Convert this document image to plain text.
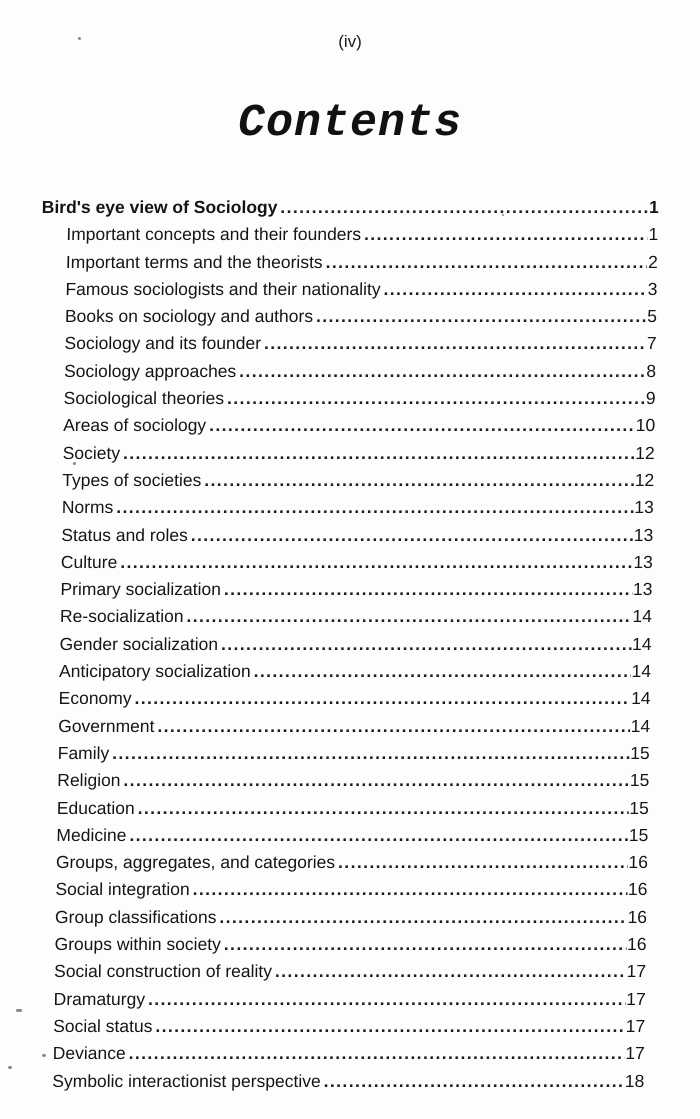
(iv)
Contents
Bird's eye view of Sociology .....	1
Important concepts and their founders .....	1
Important terms and the theorists .....	2
Famous sociologists and their nationality .....	3
Books on sociology and authors .....	5
Sociology and its founder .....	7
Sociology approaches .....	8
Sociological theories .....	9
Areas of sociology .....	10
Society .....	12
Types of societies .....	12
Norms .....	13
Status and roles .....	13
Culture .....	13
Primary socialization .....	13
Re-socialization .....	14
Gender socialization .....	14
Anticipatory socialization .....	14
Economy .....	14
Government .....	14
Family .....	15
Religion .....	15
Education .....	15
Medicine .....	15
Groups, aggregates, and categories .....	16
Social integration .....	16
Group classifications .....	16
Groups within society .....	16
Social construction of reality .....	17
Dramaturgy .....	17
Social status .....	17
Deviance .....	17
Symbolic interactionist perspective .....	18
